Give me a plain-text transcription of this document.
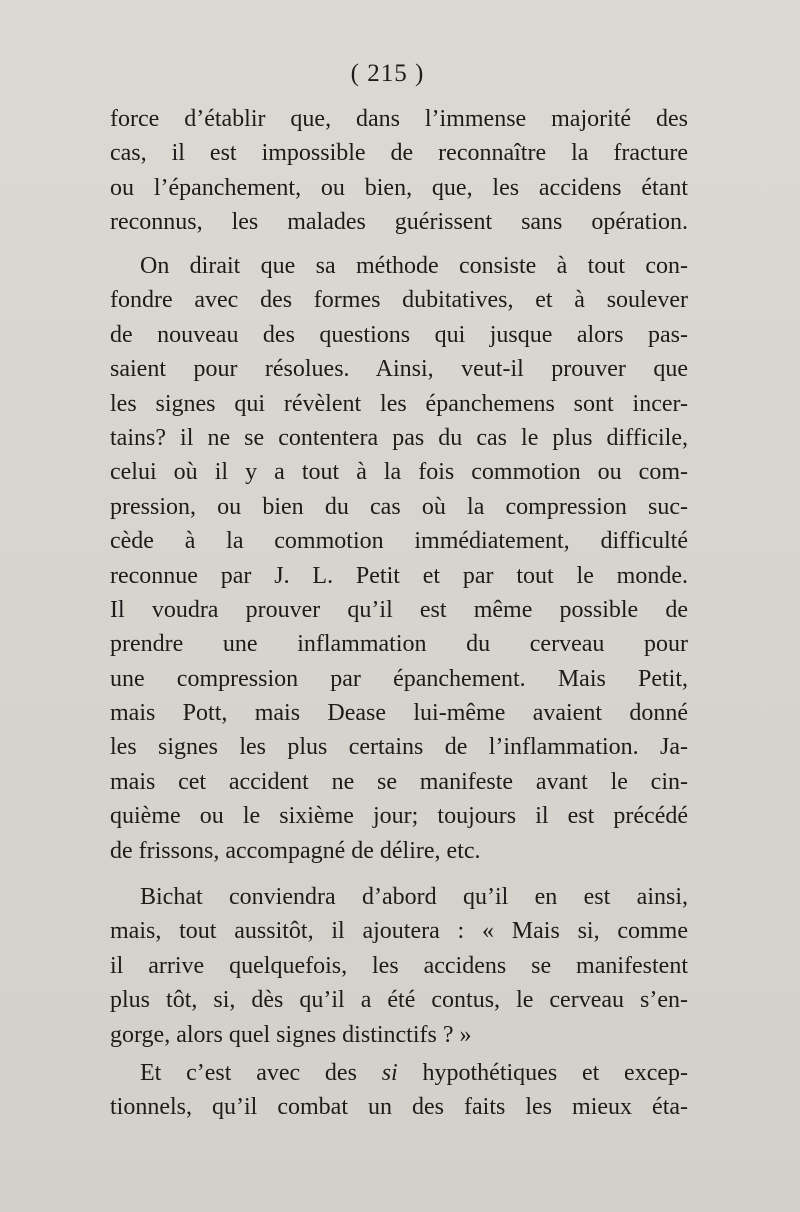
( 215 )
force d’établir que, dans l’immense majorité des
cas, il est impossible de reconnaître la fracture
ou l’épanchement, ou bien, que, les accidens étant
reconnus, les malades guérissent sans opération.
On dirait que sa méthode consiste à tout con-
fondre avec des formes dubitatives, et à soulever
de nouveau des questions qui jusque alors pas-
saient pour résolues. Ainsi, veut-il prouver que
les signes qui révèlent les épanchemens sont incer-
tains? il ne se contentera pas du cas le plus difficile,
celui où il y a tout à la fois commotion ou com-
pression, ou bien du cas où la compression suc-
cède à la commotion immédiatement, difficulté
reconnue par J. L. Petit et par tout le monde.
Il voudra prouver qu’il est même possible de
prendre une inflammation du cerveau pour
une compression par épanchement. Mais Petit,
mais Pott, mais Dease lui-même avaient donné
les signes les plus certains de l’inflammation. Ja-
mais cet accident ne se manifeste avant le cin-
quième ou le sixième jour; toujours il est précédé
de frissons, accompagné de délire, etc.
Bichat conviendra d’abord qu’il en est ainsi,
mais, tout aussitôt, il ajoutera : « Mais si, comme
il arrive quelquefois, les accidens se manifestent
plus tôt, si, dès qu’il a été contus, le cerveau s’en-
gorge, alors quel signes distinctifs ? »
Et c’est avec des si hypothétiques et excep-
tionnels, qu’il combat un des faits les mieux éta-
